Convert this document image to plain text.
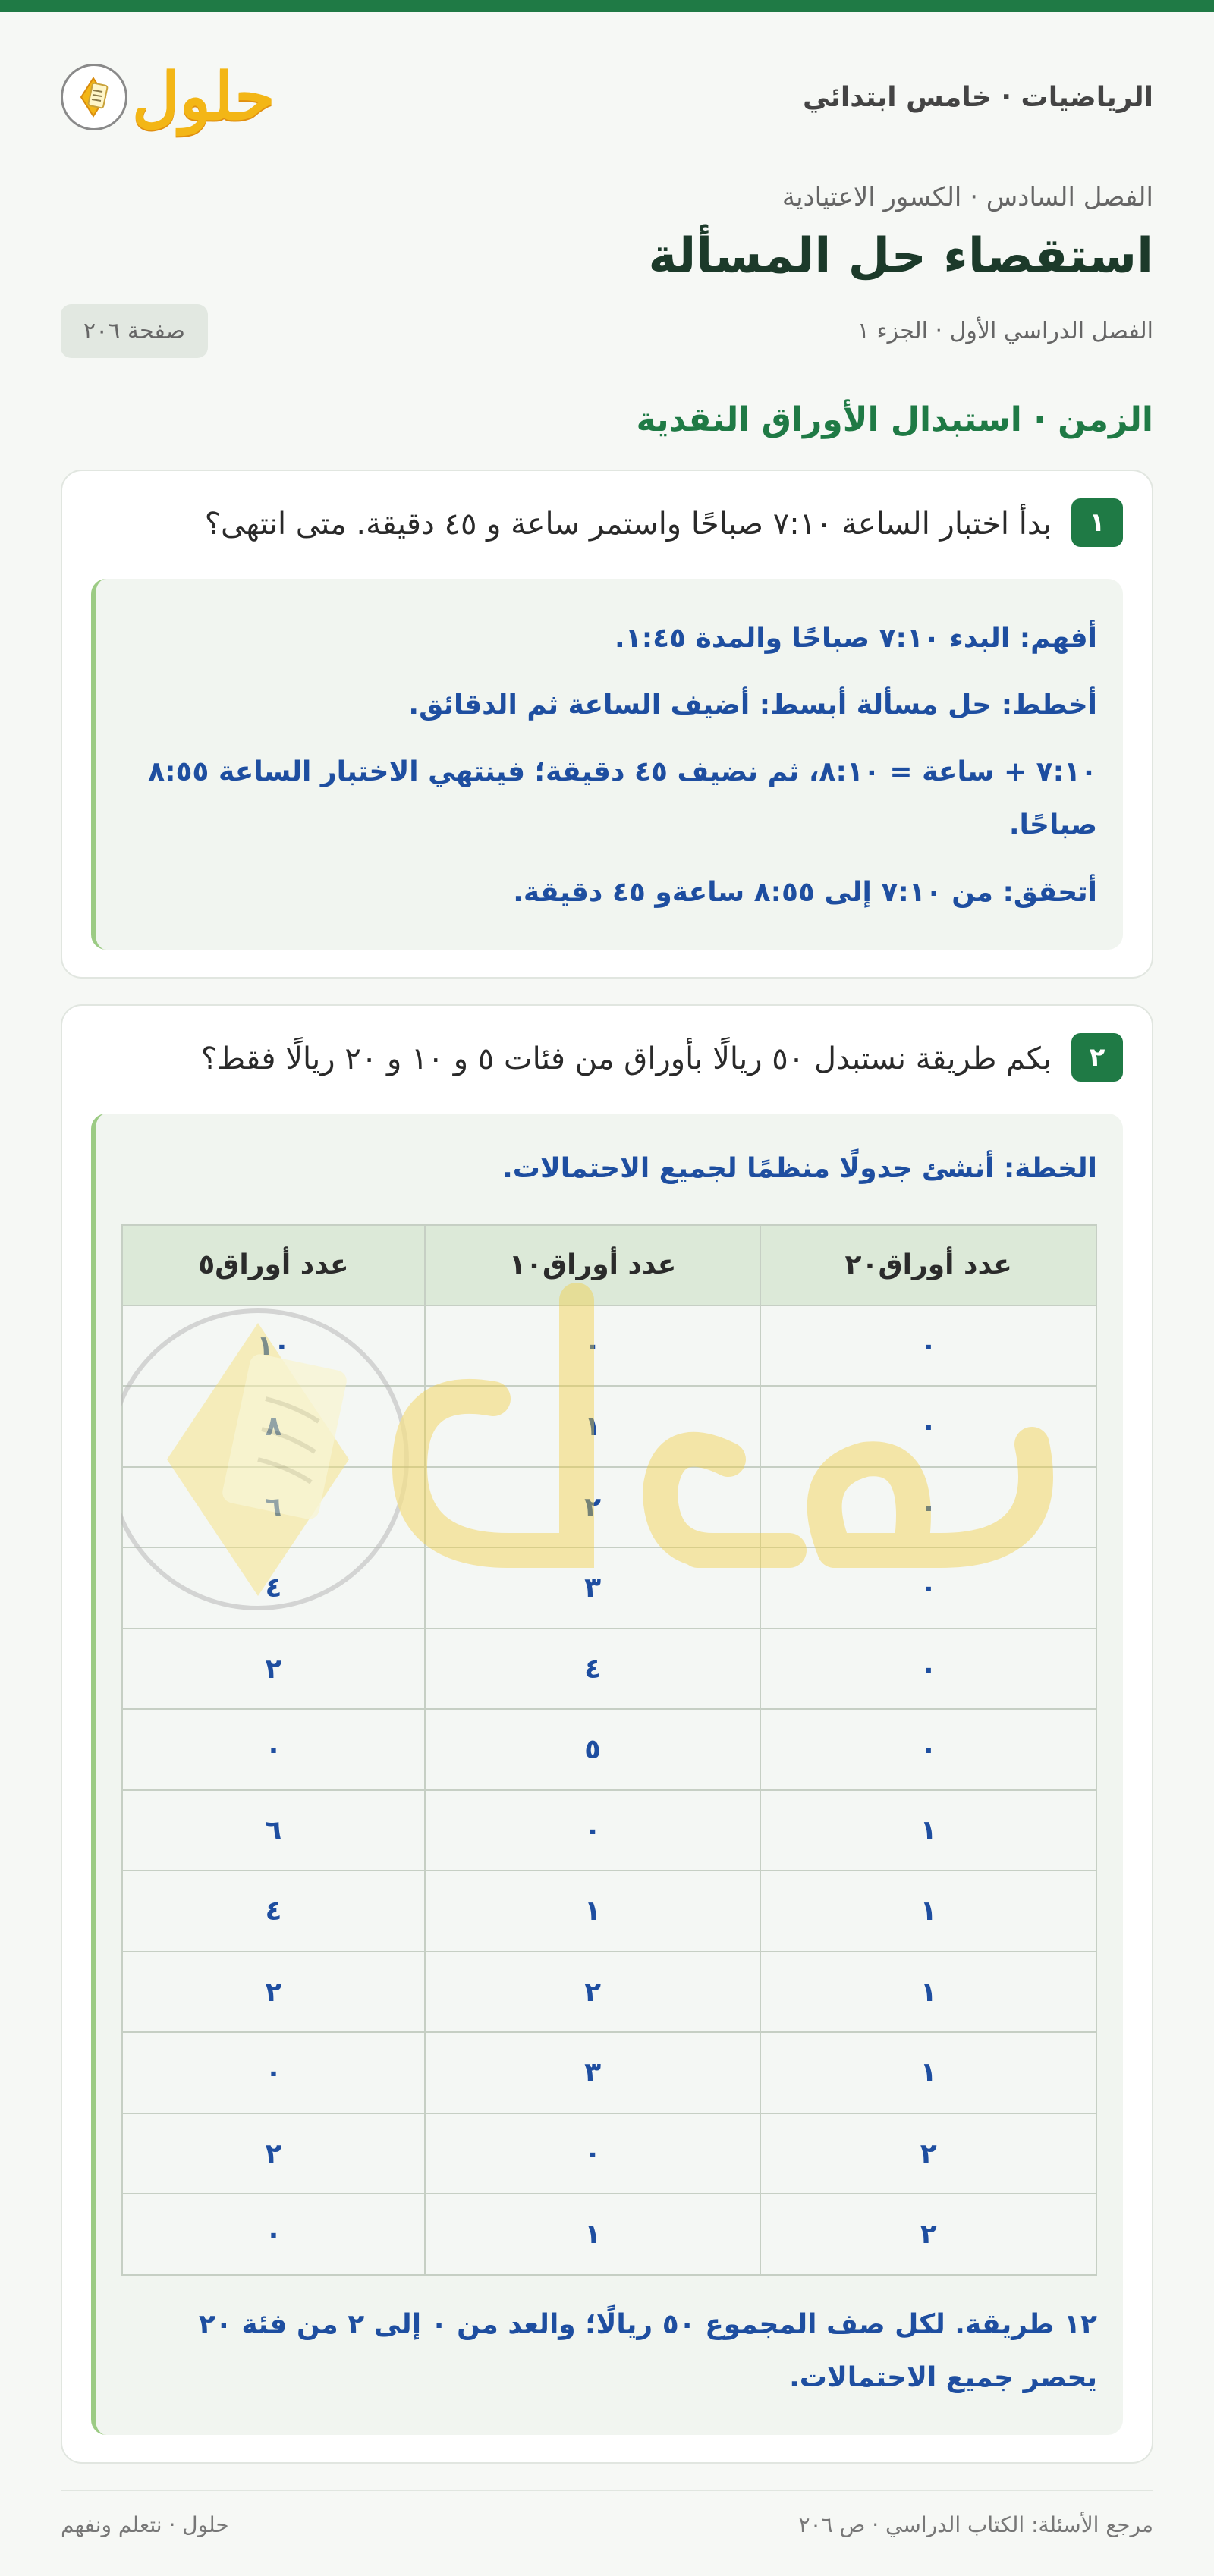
الرياضيات · خامس ابتدائي
حلول
الفصل السادس · الكسور الاعتيادية
استقصاء حل المسألة
الفصل الدراسي الأول · الجزء ١
صفحة ٢٠٦
الزمن · استبدال الأوراق النقدية
١
بدأ اختبار الساعة ٧:١٠ صباحًا واستمر ساعة و ٤٥ دقيقة. متى انتهى؟

أفهم: البدء ٧:١٠ صباحًا والمدة ١:٤٥.

أخطط: حل مسألة أبسط: أضيف الساعة ثم الدقائق.

٧:١٠ + ساعة = ٨:١٠، ثم نضيف ٤٥ دقيقة؛ فينتهي الاختبار الساعة ٨:٥٥ صباحًا.

أتحقق: من ٧:١٠ إلى ٨:٥٥ ساعةو ٤٥ دقيقة.

٢
بكم طريقة نستبدل ٥٠ ريالًا بأوراق من فئات ٥ و ١٠ و ٢٠ ريالًا فقط؟

الخطة: أنشئ جدولًا منظمًا لجميع الاحتمالات.

عدد أوراق٢٠	عدد أوراق١٠	عدد أوراق٥
٠	٠	١٠
٠	١	٨
٠	٢	٦
٠	٣	٤
٠	٤	٢
٠	٥	٠
١	٠	٦
١	١	٤
١	٢	٢
١	٣	٠
٢	٠	٢
٢	١	٠

١٢ طريقة. لكل صف المجموع ٥٠ ريالًا؛ والعد من ٠ إلى ٢ من فئة ٢٠ يحصر جميع الاحتمالات.

مرجع الأسئلة: الكتاب الدراسي · ص ٢٠٦
حلول · نتعلم ونفهم
